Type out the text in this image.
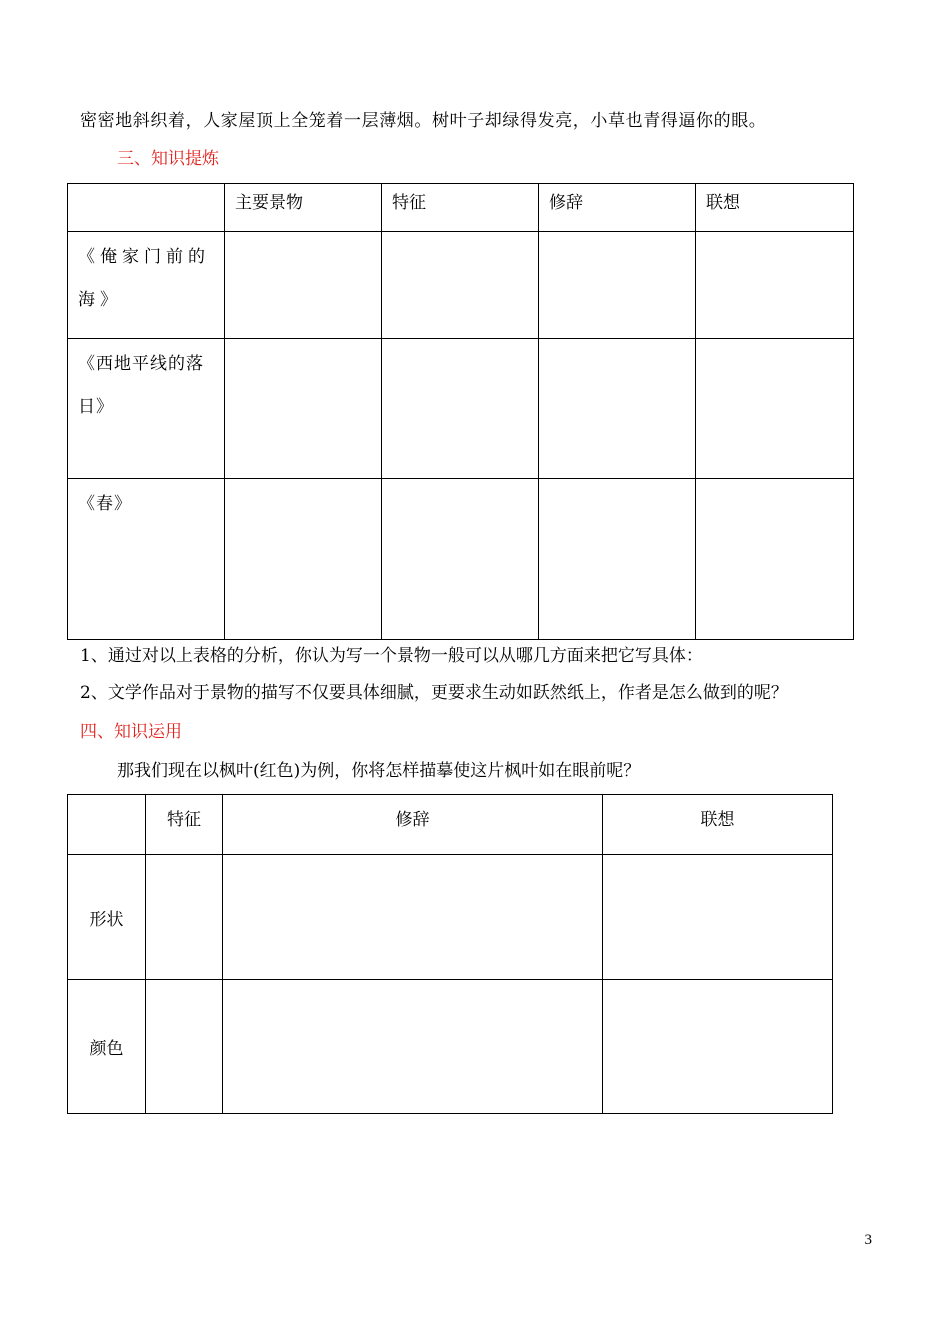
密密地斜织着，人家屋顶上全笼着一层薄烟。树叶子却绿得发亮，小草也青得逼你的眼。
三、知识提炼

	主要景物	特征	修辞	联想

《俺家门前的海》				

《西地平线的落日》				

《春》				

1、通过对以上表格的分析，你认为写一个景物一般可以从哪几方面来把它写具体：
2、文学作品对于景物的描写不仅要具体细腻，更要求生动如跃然纸上，作者是怎么做到的呢？
四、知识运用
那我们现在以枫叶(红色)为例，你将怎样描摹使这片枫叶如在眼前呢？

	特征	修辞	联想

形状			
颜色			
3
